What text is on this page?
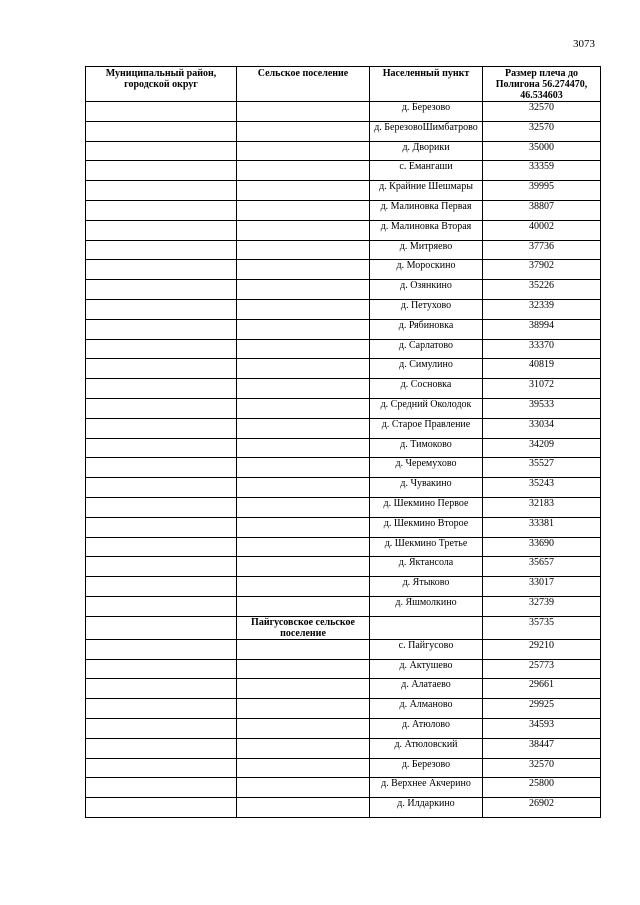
3073
Муниципальный район, городской округ	Сельское поселение	Населенный пункт	Размер плеча до Полигона 56.274470, 46.534603
		д. Березово	32570
		д. БерезовоШимбатрово	32570
		д. Дворики	35000
		с. Емангаши	33359
		д. Крайние Шешмары	39995
		д. Малиновка Первая	38807
		д. Малиновка Вторая	40002
		д. Митряево	37736
		д. Мороскино	37902
		д. Озянкино	35226
		д. Петухово	32339
		д. Рябиновка	38994
		д. Сарлатово	33370
		д. Симулино	40819
		д. Сосновка	31072
		д. Средний Околодок	39533
		д. Старое Правление	33034
		д. Тимоково	34209
		д. Черемухово	35527
		д. Чувакино	35243
		д. Шекмино Первое	32183
		д. Шекмино Второе	33381
		д. Шекмино Третье	33690
		д. Яктансола	35657
		д. Ятыково	33017
		д. Яшмолкино	32739
	Пайгусовское сельское поселение		35735
		с. Пайгусово	29210
		д. Актушево	25773
		д. Алатаево	29661
		д. Алманово	29925
		д. Атюлово	34593
		д. Атюловский	38447
		д. Березово	32570
		д. Верхнее Акчерино	25800
		д. Илдаркино	26902
